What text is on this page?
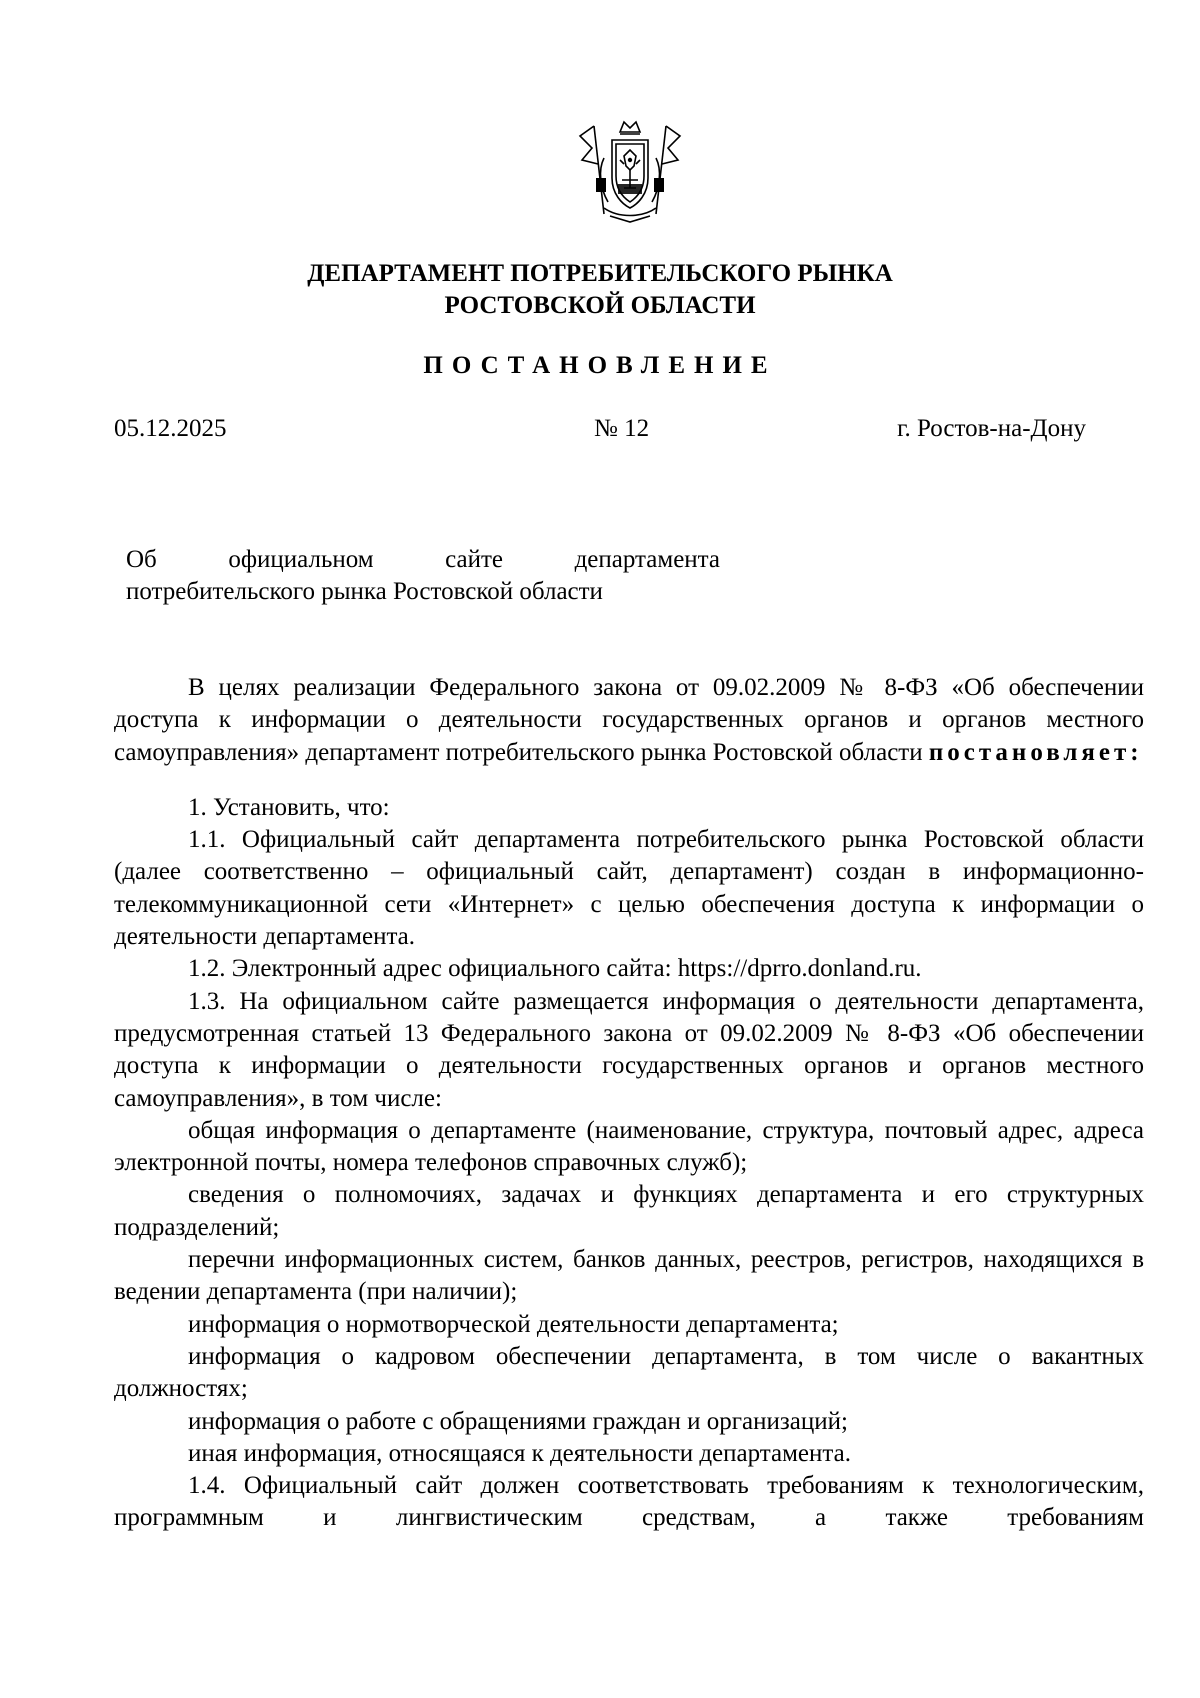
ДЕПАРТАМЕНТ ПОТРЕБИТЕЛЬСКОГО РЫНКА
РОСТОВСКОЙ ОБЛАСТИ
ПОСТАНОВЛЕНИЕ
05.12.2025	№ 12	г. Ростов-на-Дону
Об официальном сайте департамента
потребительского рынка Ростовской области

В целях реализации Федерального закона от 09.02.2009 № 8-ФЗ «Об обеспечении доступа к информации о деятельности государственных органов и органов местного самоуправления» департамент потребительского рынка Ростовской области постановляет:

1. Установить, что:

1.1. Официальный сайт департамента потребительского рынка Ростовской области (далее соответственно – официальный сайт, департамент) создан в информационно-телекоммуникационной сети «Интернет» с целью обеспечения доступа к информации о деятельности департамента.

1.2. Электронный адрес официального сайта: https://dprro.donland.ru.

1.3. На официальном сайте размещается информация о деятельности департамента, предусмотренная статьей 13 Федерального закона от 09.02.2009 № 8-ФЗ «Об обеспечении доступа к информации о деятельности государственных органов и органов местного самоуправления», в том числе:

общая информация о департаменте (наименование, структура, почтовый адрес, адреса электронной почты, номера телефонов справочных служб);

сведения о полномочиях, задачах и функциях департамента и его структурных подразделений;

перечни информационных систем, банков данных, реестров, регистров, находящихся в ведении департамента (при наличии);

информация о нормотворческой деятельности департамента;

информация о кадровом обеспечении департамента, в том числе о вакантных должностях;

информация о работе с обращениями граждан и организаций;

иная информация, относящаяся к деятельности департамента.

1.4. Официальный сайт должен соответствовать требованиям к технологическим, программным и лингвистическим средствам, а также требованиям
